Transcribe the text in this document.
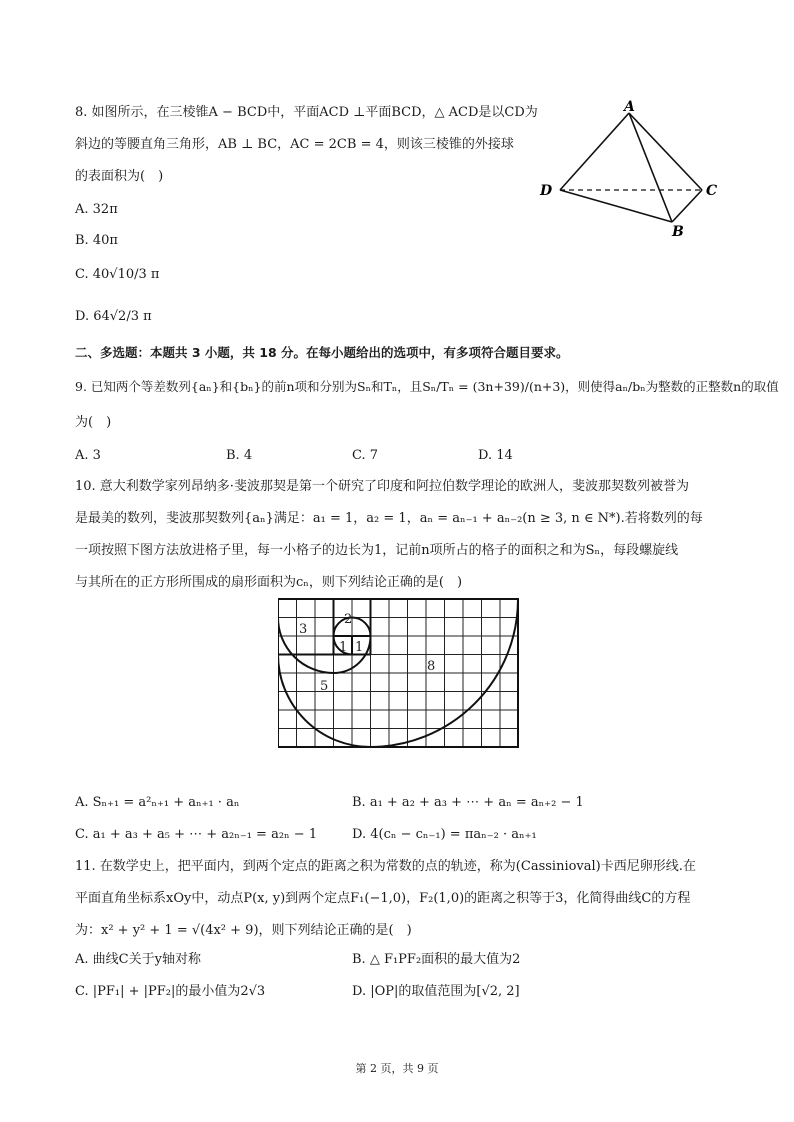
8. 如图所示，在三棱锥A − BCD中，平面ACD ⊥平面BCD，△ ACD是以CD为
斜边的等腰直角三角形，AB ⊥ BC，AC = 2CB = 4，则该三棱锥的外接球
的表面积为(　)
A. 32π
B. 40π
C. 40√10/3 π
D. 64√2/3 π
A
D	C
B
二、多选题：本题共 3 小题，共 18 分。在每小题给出的选项中，有多项符合题目要求。
9. 已知两个等差数列{aₙ}和{bₙ}的前n项和分别为Sₙ和Tₙ，且Sₙ/Tₙ = (3n+39)/(n+3)，则使得aₙ/bₙ为整数的正整数n的取值
为(　)
A. 3	B. 4	C. 7	D. 14
10. 意大利数学家列昂纳多·斐波那契是第一个研究了印度和阿拉伯数学理论的欧洲人，斐波那契数列被誉为
是最美的数列，斐波那契数列{aₙ}满足：a₁ = 1，a₂ = 1，aₙ = aₙ₋₁ + aₙ₋₂(n ≥ 3, n ∈ N*).若将数列的每
一项按照下图方法放进格子里，每一小格子的边长为1，记前n项所占的格子的面积之和为Sₙ，每段螺旋线
与其所在的正方形所围成的扇形面积为cₙ，则下列结论正确的是(　)
3
2
1 1
8
5
A. Sₙ₊₁ = a²ₙ₊₁ + aₙ₊₁ · aₙ	B. a₁ + a₂ + a₃ + ⋯ + aₙ = aₙ₊₂ − 1
C. a₁ + a₃ + a₅ + ⋯ + a₂ₙ₋₁ = a₂ₙ − 1	D. 4(cₙ − cₙ₋₁) = πaₙ₋₂ · aₙ₊₁
11. 在数学史上，把平面内，到两个定点的距离之积为常数的点的轨迹，称为(Cassinioval)卡西尼卵形线.在
平面直角坐标系xOy中，动点P(x, y)到两个定点F₁(−1,0)，F₂(1,0)的距离之积等于3，化简得曲线C的方程
为：x² + y² + 1 = √(4x² + 9)，则下列结论正确的是(　)
A. 曲线C关于y轴对称	B. △ F₁PF₂面积的最大值为2
C. |PF₁| + |PF₂|的最小值为2√3	D. |OP|的取值范围为[√2, 2]
第 2 页，共 9 页
